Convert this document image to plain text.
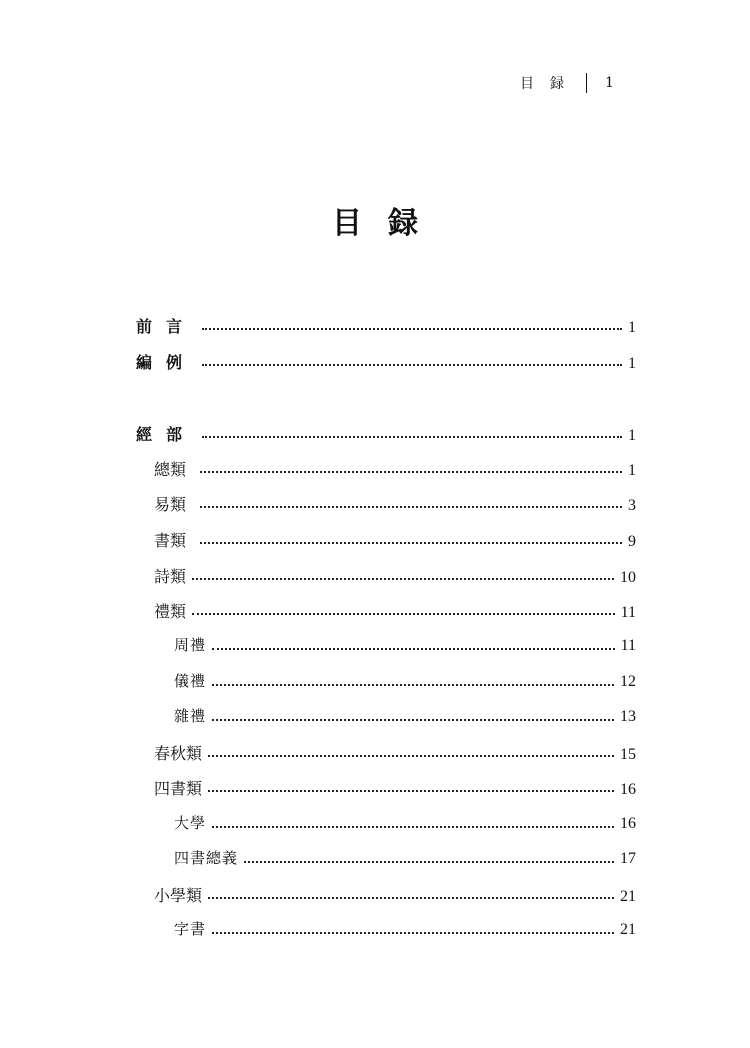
目　録	1
目録
前言	1
編例	1
經部	1
總類	1
易類	3
書類	9
詩類	10
禮類	11
周禮	11
儀禮	12
雜禮	13
春秋類	15
四書類	16
大學	16
四書總義	17
小學類	21
字書	21
